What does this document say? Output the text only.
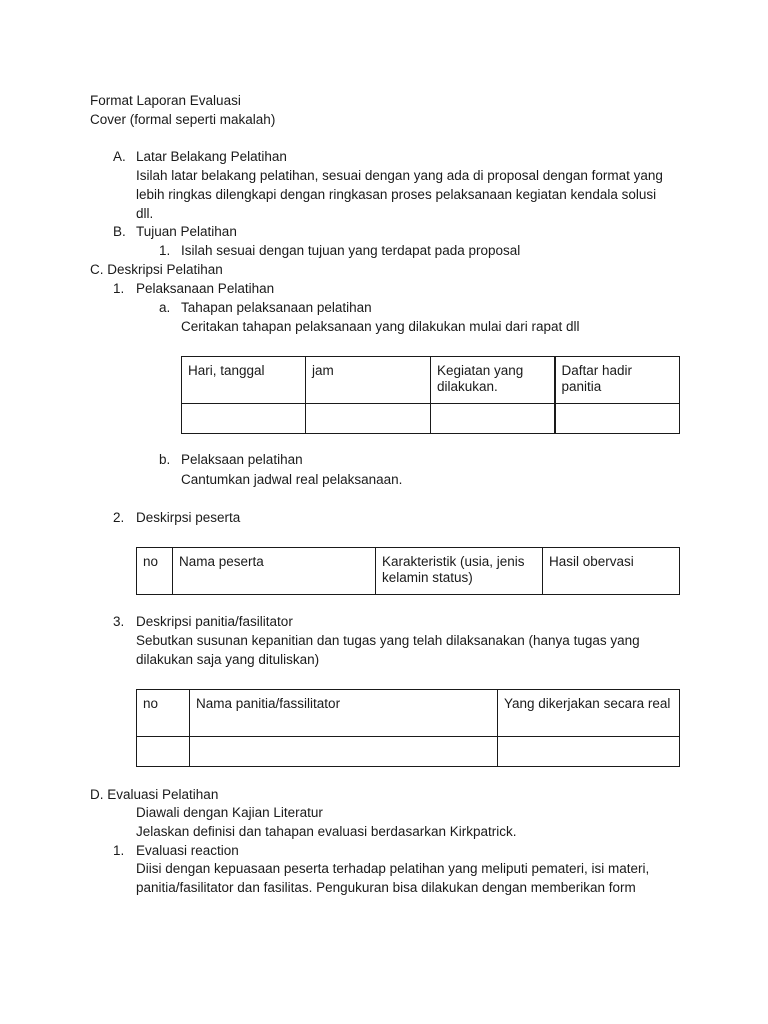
Format Laporan Evaluasi
Cover (formal seperti makalah)
A. Latar Belakang Pelatihan
Isilah latar belakang pelatihan, sesuai dengan yang ada di proposal dengan format yang
lebih ringkas dilengkapi dengan ringkasan proses pelaksanaan kegiatan kendala solusi
dll.
B. Tujuan Pelatihan
1. Isilah sesuai dengan tujuan yang terdapat pada proposal
C. Deskripsi Pelatihan
1. Pelaksanaan Pelatihan
a. Tahapan pelaksanaan pelatihan
Ceritakan tahapan pelaksanaan yang dilakukan mulai dari rapat dll
Hari, tanggal	jam	Kegiatan yang dilakukan.	Daftar hadir panitia

b. Pelaksaan pelatihan
Cantumkan jadwal real pelaksanaan.
2. Deskirpsi peserta
no	Nama peserta	Karakteristik (usia, jenis kelamin status)	Hasil obervasi
3. Deskripsi panitia/fasilitator
Sebutkan susunan kepanitian dan tugas yang telah dilaksanakan (hanya tugas yang
dilakukan saja yang dituliskan)
no	Nama panitia/fassilitator	Yang dikerjakan secara real

D. Evaluasi Pelatihan
Diawali dengan Kajian Literatur
Jelaskan definisi dan tahapan evaluasi berdasarkan Kirkpatrick.
1. Evaluasi reaction
Diisi dengan kepuasaan peserta terhadap pelatihan yang meliputi pemateri, isi materi,
panitia/fasilitator dan fasilitas. Pengukuran bisa dilakukan dengan memberikan form
